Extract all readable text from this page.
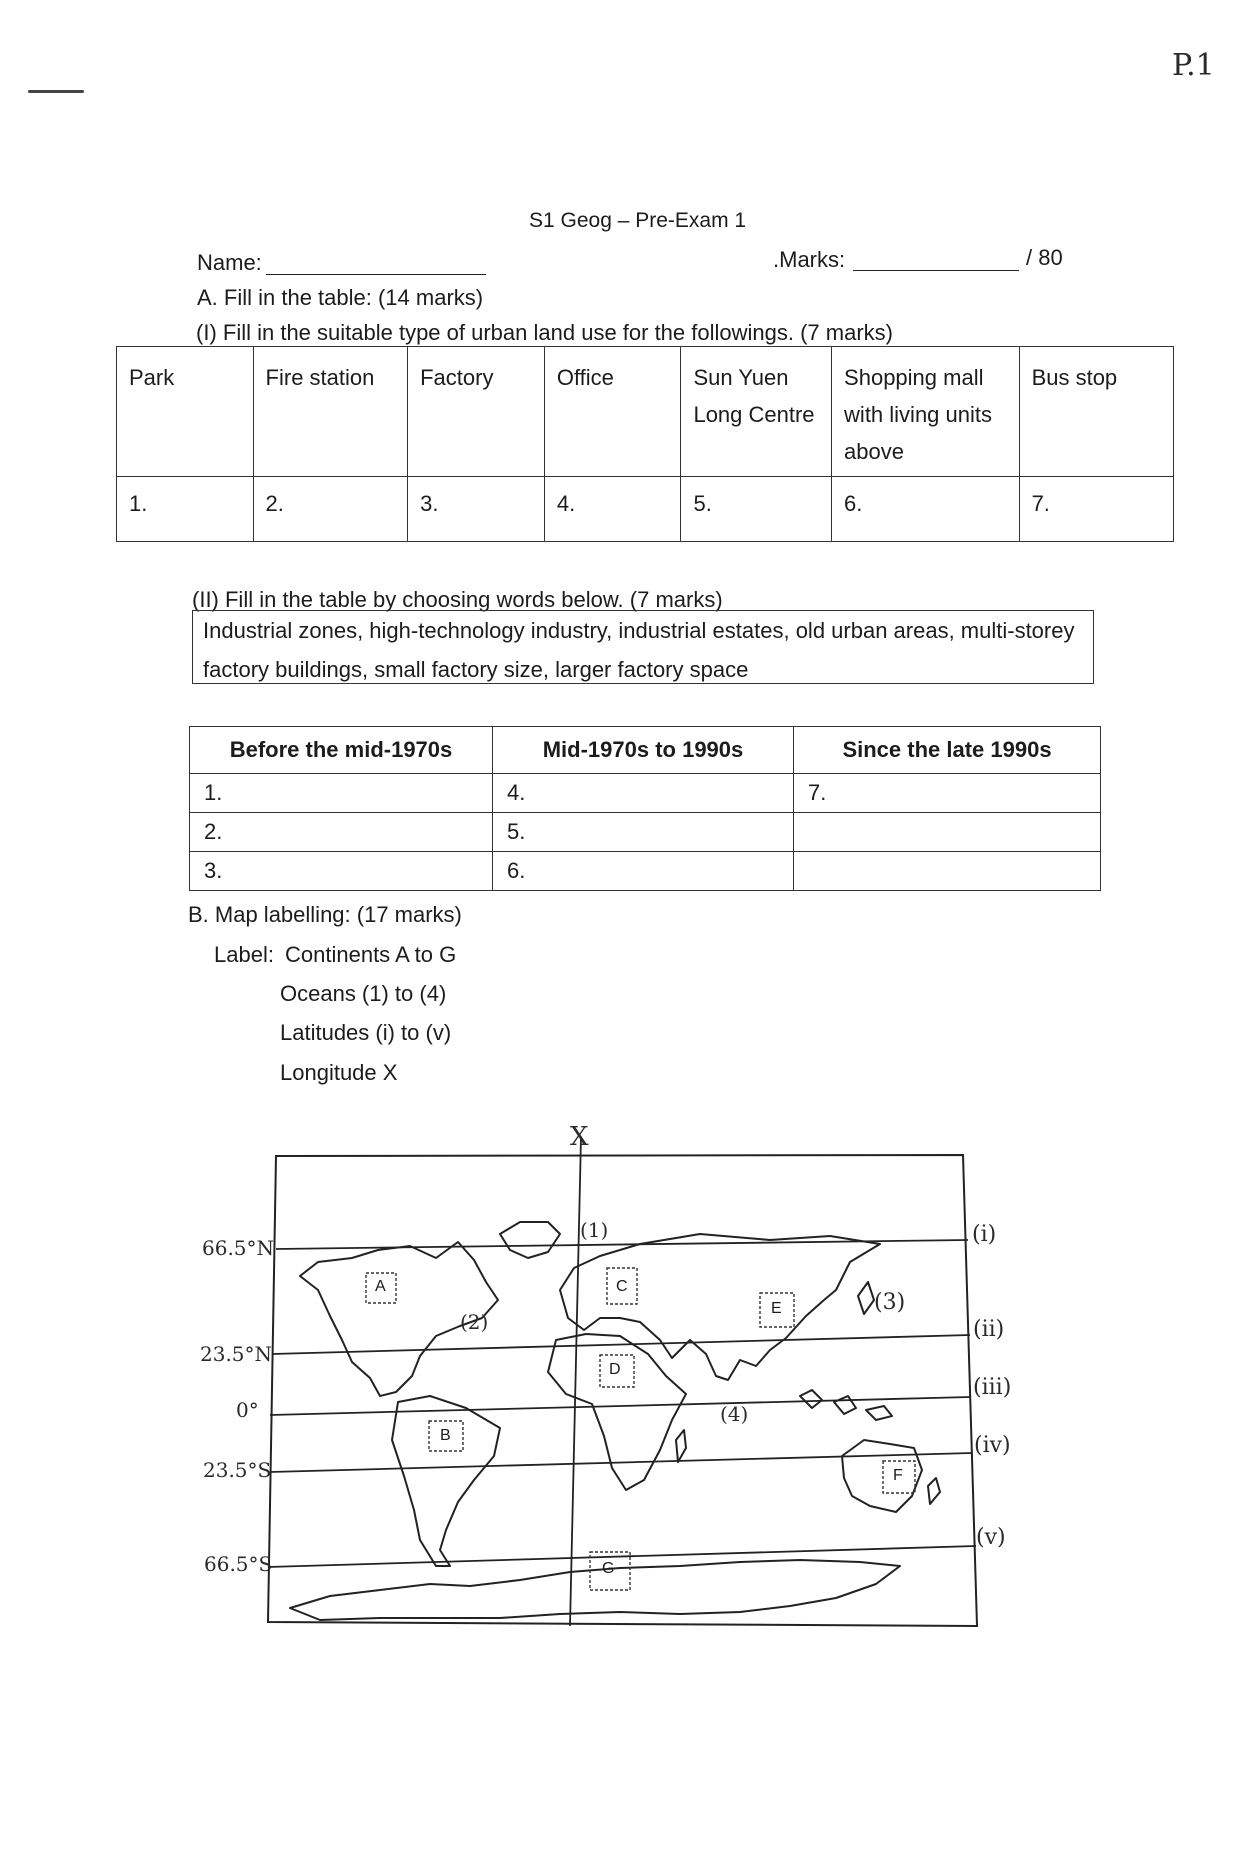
P.1
S1 Geog – Pre-Exam 1
Name:	.Marks:	/ 80
A. Fill in the table: (14 marks)
(I) Fill in the suitable type of urban land use for the followings. (7 marks)
Park	Fire station	Factory	Office	Sun Yuen Long Centre	Shopping mall with living units above	Bus stop
1.	2.	3.	4.	5.	6.	7.
(II) Fill in the table by choosing words below. (7 marks)
Industrial zones, high-technology industry, industrial estates, old urban areas, multi-storey factory buildings, small factory size, larger factory space
Before the mid-1970s	Mid-1970s to 1990s	Since the late 1990s
1.	4.	7.
2.	5.	
3.	6.	
B. Map labelling: (17 marks)
Label: Continents A to G
Oceans (1) to (4)
Latitudes (i) to (v)
Longitude X
X
66.5°N
23.5°N
0°
23.5°S
66.5°S
(i)
(ii)
(iii)
(iv)
(v)
A
B
C
D
E
F
G
(1)
(2)
(3)
(4)
